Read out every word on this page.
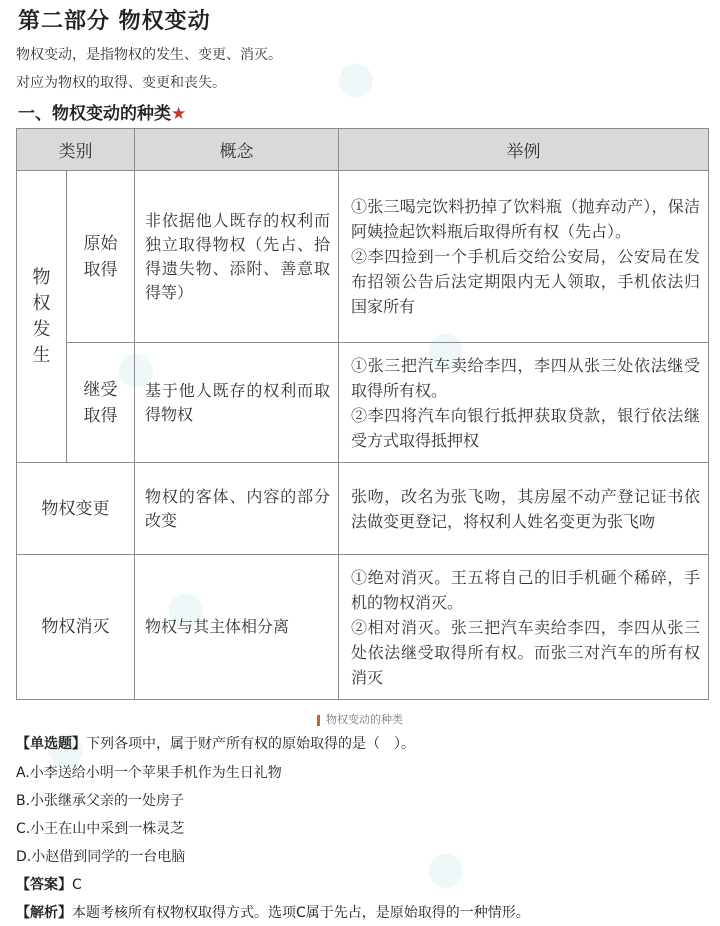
第二部分 物权变动
物权变动，是指物权的发生、变更、消灭。
对应为物权的取得、变更和丧失。
一、物权变动的种类★
类别		概念	举例
物权发生	原始取得	非依据他人既存的权利而独立取得物权（先占、拾得遗失物、添附、善意取得等）	①张三喝完饮料扔掉了饮料瓶（抛弃动产），保洁阿姨捡起饮料瓶后取得所有权（先占）。
②李四捡到一个手机后交给公安局，公安局在发布招领公告后法定期限内无人领取，手机依法归国家所有

	继受取得	基于他人既存的权利而取得物权	①张三把汽车卖给李四，李四从张三处依法继受取得所有权。
②李四将汽车向银行抵押获取贷款，银行依法继受方式取得抵押权

物权变更		物权的客体、内容的部分改变	张吻，改名为张飞吻，其房屋不动产登记证书依法做变更登记，将权利人姓名变更为张飞吻

物权消灭		物权与其主体相分离	①绝对消灭。王五将自己的旧手机砸个稀碎，手机的物权消灭。
②相对消灭。张三把汽车卖给李四，李四从张三处依法继受取得所有权。而张三对汽车的所有权消灭
物权变动的种类
【单选题】下列各项中，属于财产所有权的原始取得的是（　）。
A.小李送给小明一个苹果手机作为生日礼物
B.小张继承父亲的一处房子
C.小王在山中采到一株灵芝
D.小赵借到同学的一台电脑
【答案】C
【解析】本题考核所有权物权取得方式。选项C属于先占，是原始取得的一种情形。
